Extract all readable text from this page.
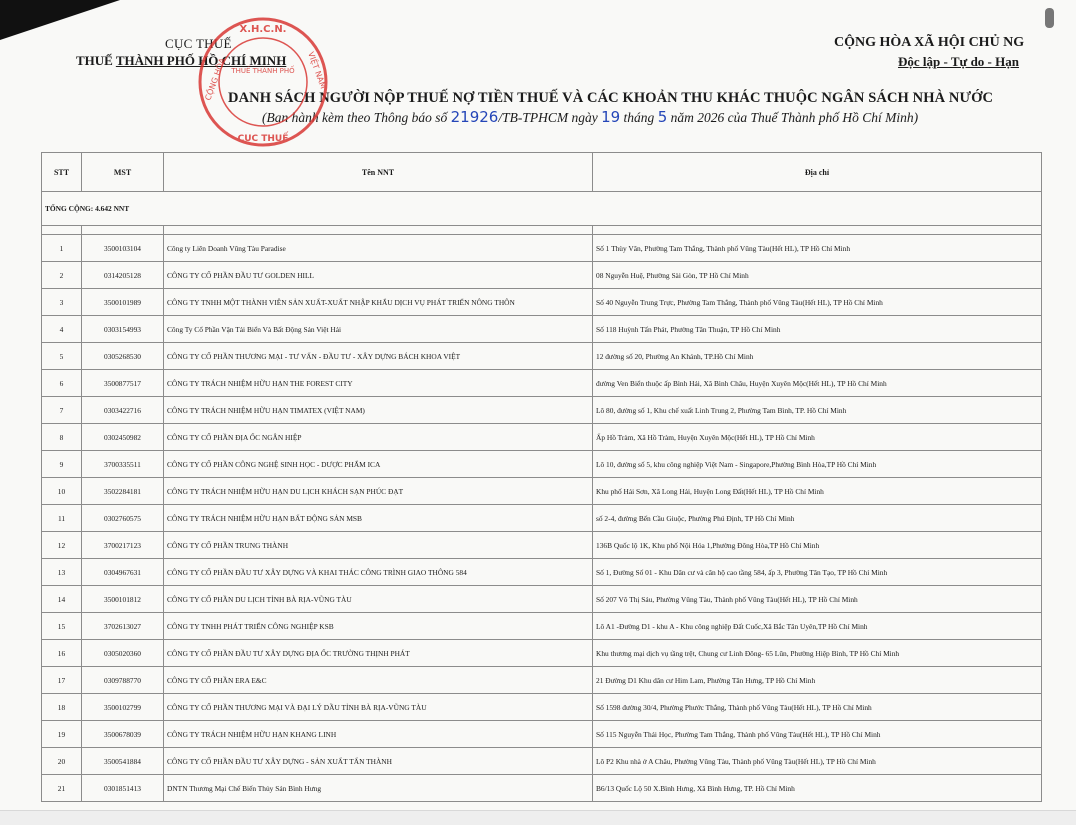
CỤC THUẾ
THUẾ THÀNH PHỐ HỒ CHÍ MINH
CỘNG HÒA XÃ HỘI CHỦ NG
Độc lập - Tự do - Hạn
DANH SÁCH NGƯỜI NỘP THUẾ NỢ TIỀN THUẾ VÀ CÁC KHOẢN THU KHÁC THUỘC NGÂN SÁCH NHÀ NƯỚC
(Ban hành kèm theo Thông báo số 21926/TB-TPHCM ngày 19 tháng 5 năm 2026 của Thuế Thành phố Hồ Chí Minh)
X.H.C.N.
THUẾ THÀNH PHỐ
CỘNG HÒA	VIỆT NAM
CỤC THUẾ
STT	MST	Tên NNT	Địa chỉ
TỔNG CỘNG: 4.642 NNT			

1	3500103104	Công ty Liên Doanh Vũng Tàu Paradise	Số 1 Thùy Vân, Phường Tam Thắng, Thành phố Vũng Tàu(Hết HL), TP Hồ Chí Minh
2	0314205128	CÔNG TY CỔ PHẦN ĐẦU TƯ GOLDEN HILL	08 Nguyễn Huệ, Phường Sài Gòn, TP Hồ Chí Minh
3	3500101989	CÔNG TY TNHH MỘT THÀNH VIÊN SẢN XUẤT-XUẤT NHẬP KHẨU DỊCH VỤ PHÁT TRIỂN NÔNG THÔN	Số 40 Nguyễn Trung Trực, Phường Tam Thắng, Thành phố Vũng Tàu(Hết HL), TP Hồ Chí Minh
4	0303154993	Công Ty Cổ Phần Vận Tải Biển Và Bất Động Sản Việt Hải	Số 118 Huỳnh Tấn Phát, Phường Tân Thuận, TP Hồ Chí Minh
5	0305268530	CÔNG TY CỔ PHẦN THƯƠNG MẠI - TƯ VẤN - ĐẦU TƯ - XÂY DỰNG BÁCH KHOA VIỆT	12 đường số 20, Phường An Khánh, TP.Hồ Chí Minh
6	3500877517	CÔNG TY TRÁCH NHIỆM HỮU HẠN THE FOREST CITY	đường Ven Biển thuộc ấp Bình Hải, Xã Bình Châu, Huyện Xuyên Mộc(Hết HL), TP Hồ Chí Minh
7	0303422716	CÔNG TY TRÁCH NHIỆM HỮU HẠN TIMATEX (VIỆT NAM)	Lô 80, đường số 1, Khu chế xuất Linh Trung 2, Phường Tam Bình, TP. Hồ Chí Minh
8	0302450982	CÔNG TY CỔ PHẦN ĐỊA ỐC NGÂN HIỆP	Ấp Hồ Tràm, Xã Hồ Tràm, Huyện Xuyên Mộc(Hết HL), TP Hồ Chí Minh
9	3700335511	CÔNG TY CỔ PHẦN CÔNG NGHỆ SINH HỌC - DƯỢC PHẨM ICA	Lô 10, đường số 5, khu công nghiệp Việt Nam - Singapore,Phường Bình Hòa,TP Hồ Chí Minh
10	3502284181	CÔNG TY TRÁCH NHIỆM HỮU HẠN DU LỊCH KHÁCH SẠN PHÚC ĐẠT	Khu phố Hải Sơn, Xã Long Hải, Huyện Long Đất(Hết HL), TP Hồ Chí Minh
11	0302760575	CÔNG TY TRÁCH NHIỆM HỮU HẠN BẤT ĐỘNG SẢN MSB	số 2-4, đường Bến Cầu Giuộc, Phường Phú Định, TP Hồ Chí Minh
12	3700217123	CÔNG TY CỔ PHẦN TRUNG THÀNH	136B Quốc lộ 1K, Khu phố Nội Hóa 1,Phường Đông Hòa,TP Hồ Chí Minh
13	0304967631	CÔNG TY CỔ PHẦN ĐẦU TƯ XÂY DỰNG VÀ KHAI THÁC CÔNG TRÌNH GIAO THÔNG 584	Số 1, Đường Số 01 - Khu Dân cư và căn hộ cao tầng 584, ấp 3, Phường Tân Tạo, TP Hồ Chí Minh
14	3500101812	CÔNG TY CỔ PHẦN DU LỊCH TỈNH BÀ RỊA-VŨNG TÀU	Số 207 Võ Thị Sáu, Phường Vũng Tàu, Thành phố Vũng Tàu(Hết HL), TP Hồ Chí Minh
15	3702613027	CÔNG TY TNHH PHÁT TRIỂN CÔNG NGHIỆP KSB	Lô A1 -Đường D1 - khu A - Khu công nghiệp Đất Cuốc,Xã Bắc Tân Uyên,TP Hồ Chí Minh
16	0305020360	CÔNG TY CỔ PHẦN ĐẦU TƯ XÂY DỰNG ĐỊA ỐC TRƯỜNG THỊNH PHÁT	Khu thương mại dịch vụ tầng trệt, Chung cư Linh Đông- 65 Lũn, Phường Hiệp Bình, TP Hồ Chí Minh
17	0309788770	CÔNG TY CỔ PHẦN ERA E&C	21 Đường D1 Khu dân cư Him Lam, Phường Tân Hưng, TP Hồ Chí Minh
18	3500102799	CÔNG TY CỔ PHẦN THƯƠNG MẠI VÀ ĐẠI LÝ DẦU TỈNH BÀ RỊA-VŨNG TÀU	Số 1598 đường 30/4, Phường Phước Thắng, Thành phố Vũng Tàu(Hết HL), TP Hồ Chí Minh
19	3500678039	CÔNG TY TRÁCH NHIỆM HỮU HẠN KHANG LINH	Số 115 Nguyễn Thái Học, Phường Tam Thắng, Thành phố Vũng Tàu(Hết HL), TP Hồ Chí Minh
20	3500541884	CÔNG TY CỔ PHẦN ĐẦU TƯ XÂY DỰNG - SẢN XUẤT TẤN THÀNH	Lô P2 Khu nhà ở A Châu, Phường Vũng Tàu, Thành phố Vũng Tàu(Hết HL), TP Hồ Chí Minh
21	0301851413	DNTN Thương Mại Chế Biến Thủy Sản Bình Hưng	B6/13 Quốc Lộ 50 X.Bình Hưng, Xã Bình Hưng, TP. Hồ Chí Minh
